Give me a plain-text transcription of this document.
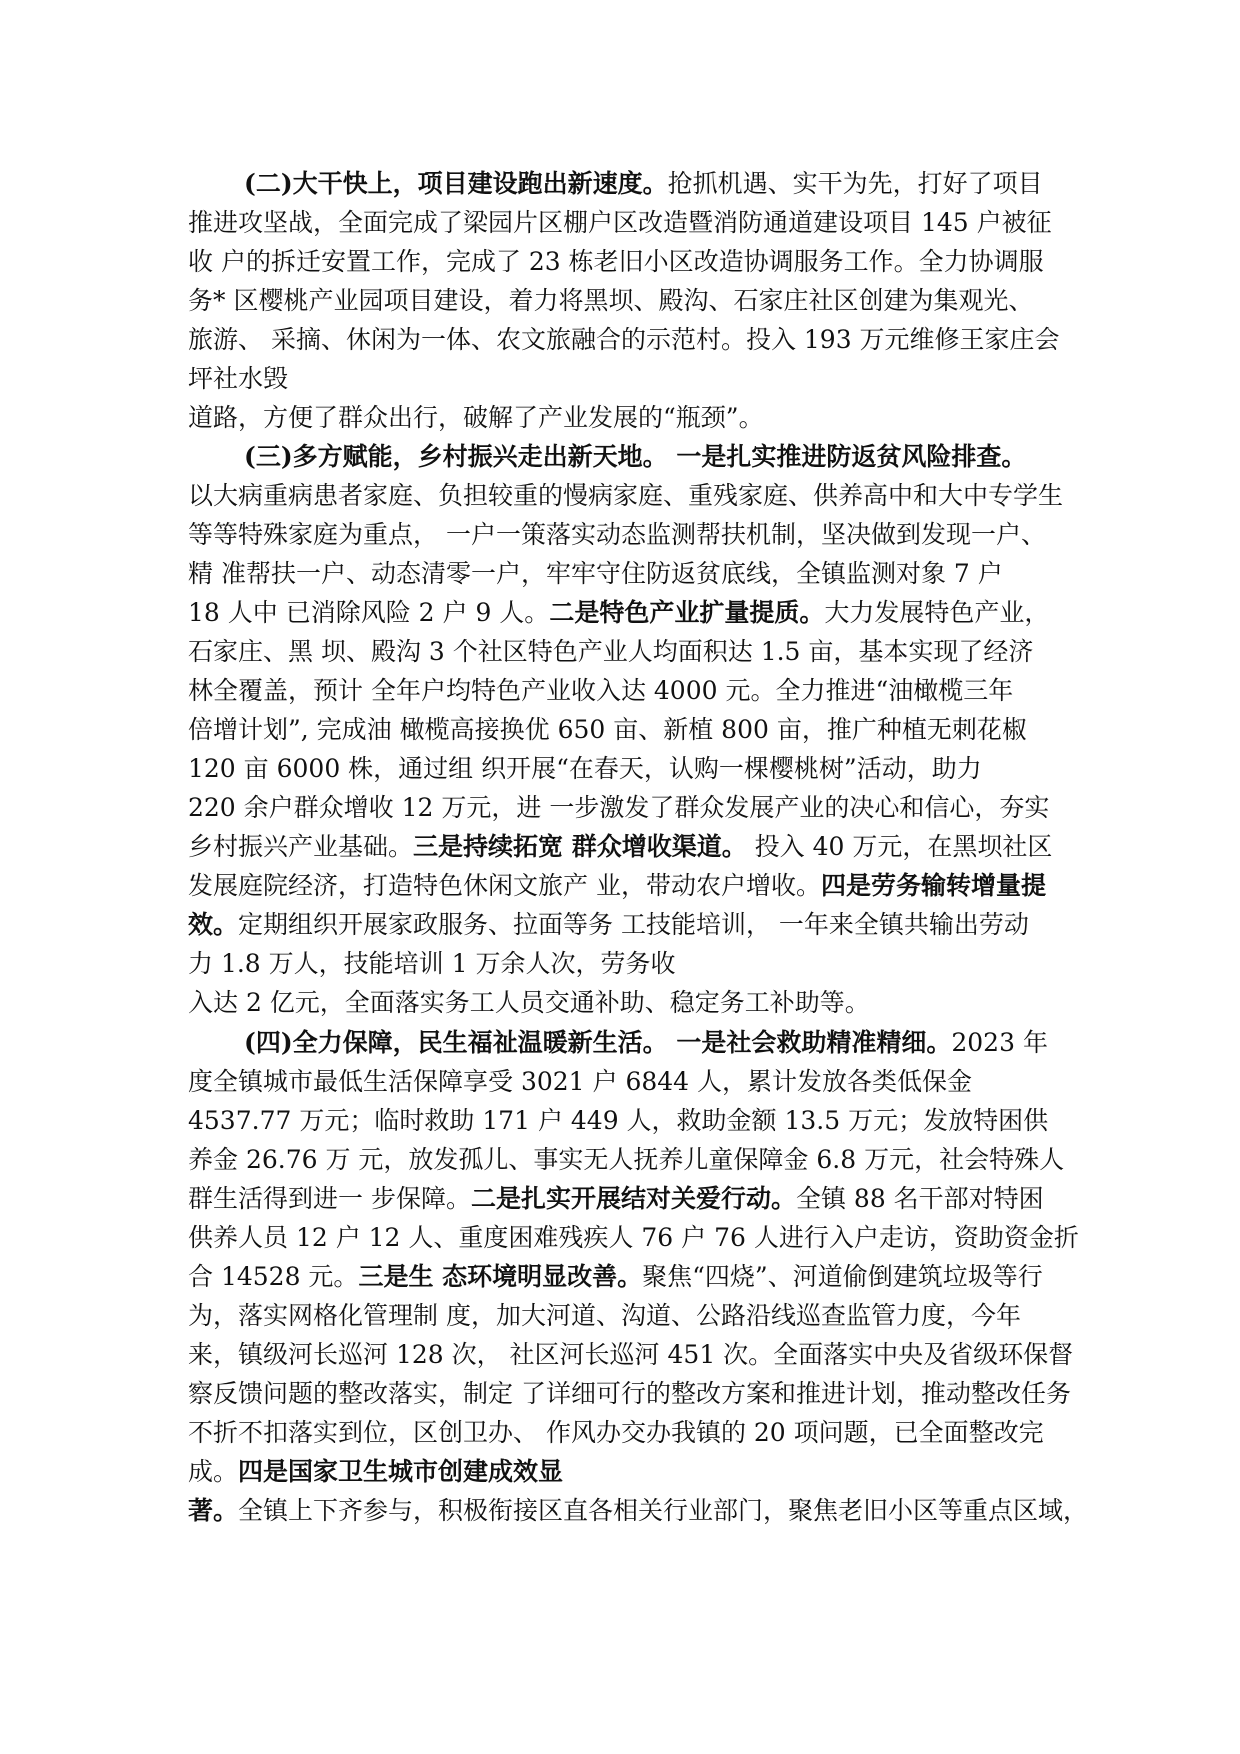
(二)大干快上，项目建设跑出新速度。抢抓机遇、实干为先，打好了项目
推进攻坚战，全面完成了梁园片区棚户区改造暨消防通道建设项目 145 户被征
收 户的拆迁安置工作，完成了 23 栋老旧小区改造协调服务工作。全力协调服
务* 区樱桃产业园项目建设，着力将黑坝、殿沟、石家庄社区创建为集观光、
旅游、 采摘、休闲为一体、农文旅融合的示范村。投入 193 万元维修王家庄会
坪社水毁
道路，方便了群众出行，破解了产业发展的“瓶颈”。
(三)多方赋能，乡村振兴走出新天地。 一是扎实推进防返贫风险排查。
以大病重病患者家庭、负担较重的慢病家庭、重残家庭、供养高中和大中专学生
等等特殊家庭为重点， 一户一策落实动态监测帮扶机制，坚决做到发现一户、
精 准帮扶一户、动态清零一户，牢牢守住防返贫底线，全镇监测对象 7 户
18 人中 已消除风险 2 户 9 人。二是特色产业扩量提质。大力发展特色产业，
石家庄、黑 坝、殿沟 3 个社区特色产业人均面积达 1.5 亩，基本实现了经济
林全覆盖，预计 全年户均特色产业收入达 4000 元。全力推进“油橄榄三年
倍增计划”, 完成油 橄榄高接换优 650 亩、新植 800 亩，推广种植无刺花椒
120 亩 6000 株，通过组 织开展“在春天，认购一棵樱桃树”活动，助力
220 余户群众增收 12 万元，进 一步激发了群众发展产业的决心和信心，夯实
乡村振兴产业基础。三是持续拓宽 群众增收渠道。 投入 40 万元，在黑坝社区
发展庭院经济，打造特色休闲文旅产 业，带动农户增收。四是劳务输转增量提
效。定期组织开展家政服务、拉面等务 工技能培训， 一年来全镇共输出劳动
力 1.8 万人，技能培训 1 万余人次，劳务收
入达 2 亿元，全面落实务工人员交通补助、稳定务工补助等。
(四)全力保障，民生福祉温暖新生活。 一是社会救助精准精细。2023 年
度全镇城市最低生活保障享受 3021 户 6844 人，累计发放各类低保金
4537.77 万元；临时救助 171 户 449 人，救助金额 13.5 万元；发放特困供
养金 26.76 万 元，放发孤儿、事实无人抚养儿童保障金 6.8 万元，社会特殊人
群生活得到进一 步保障。二是扎实开展结对关爱行动。全镇 88 名干部对特困
供养人员 12 户 12 人、重度困难残疾人 76 户 76 人进行入户走访，资助资金折
合 14528 元。三是生 态环境明显改善。聚焦“四烧”、河道偷倒建筑垃圾等行
为，落实网格化管理制 度，加大河道、沟道、公路沿线巡查监管力度，今年
来，镇级河长巡河 128 次， 社区河长巡河 451 次。全面落实中央及省级环保督
察反馈问题的整改落实，制定 了详细可行的整改方案和推进计划，推动整改任务
不折不扣落实到位，区创卫办、 作风办交办我镇的 20 项问题，已全面整改完
成。四是国家卫生城市创建成效显
著。全镇上下齐参与，积极衔接区直各相关行业部门，聚焦老旧小区等重点区域，
